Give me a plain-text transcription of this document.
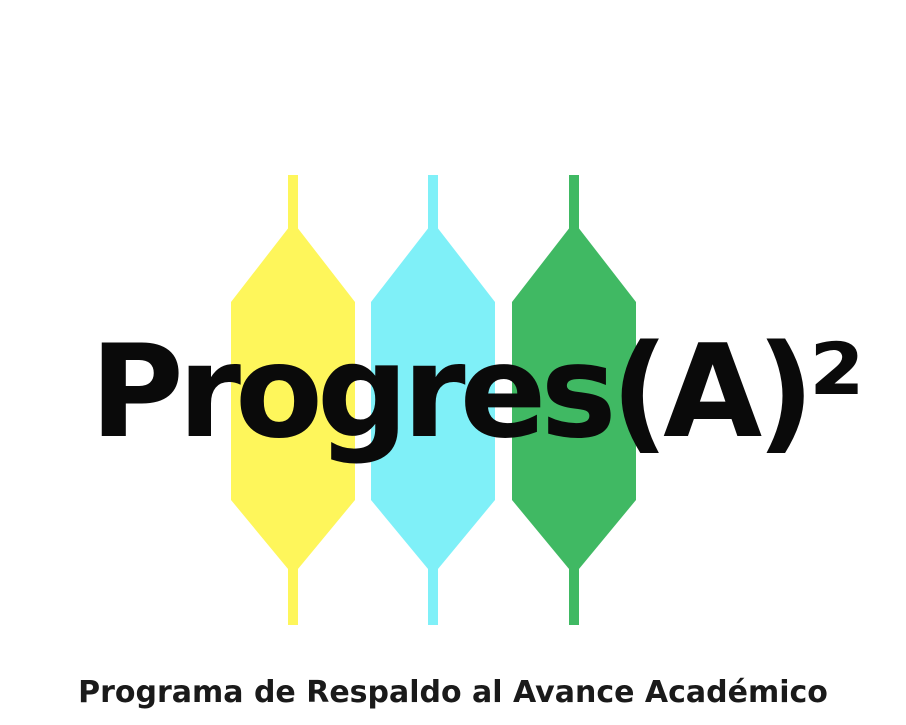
Progres(A)²

Programa de Respaldo al Avance Académico
